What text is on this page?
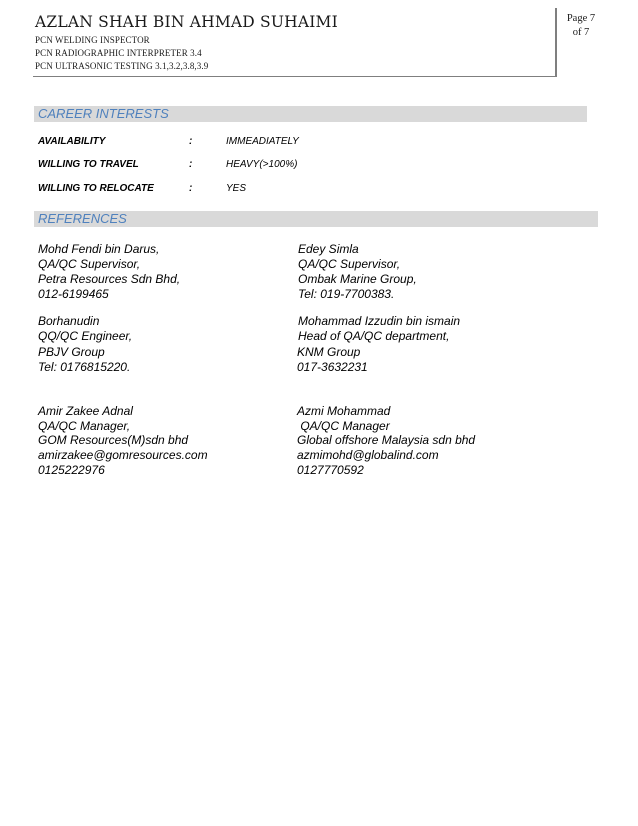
AZLAN SHAH BIN AHMAD SUHAIMI
PCN WELDING INSPECTOR
PCN RADIOGRAPHIC INTERPRETER 3.4
PCN ULTRASONIC TESTING 3.1,3.2,3.8,3.9
Page 7
of 7
CAREER INTERESTS
AVAILABILITY	:	IMMEADIATELY
WILLING TO TRAVEL	:	HEAVY(>100%)
WILLING TO RELOCATE	:	YES
REFERENCES
Mohd Fendi bin Darus,
QA/QC Supervisor,
Petra Resources Sdn Bhd,
012-6199465
Edey Simla
QA/QC Supervisor,
Ombak Marine Group,
Tel: 019-7700383.
Borhanudin
QQ/QC Engineer,
PBJV Group
Tel: 0176815220.
Mohammad Izzudin bin ismain
Head of QA/QC department,
KNM Group
017-3632231
Amir Zakee Adnal
QA/QC Manager,
GOM Resources(M)sdn bhd
amirzakee@gomresources.com
0125222976
Azmi Mohammad
QA/QC Manager
Global offshore Malaysia sdn bhd
azmimohd@globalind.com
0127770592
